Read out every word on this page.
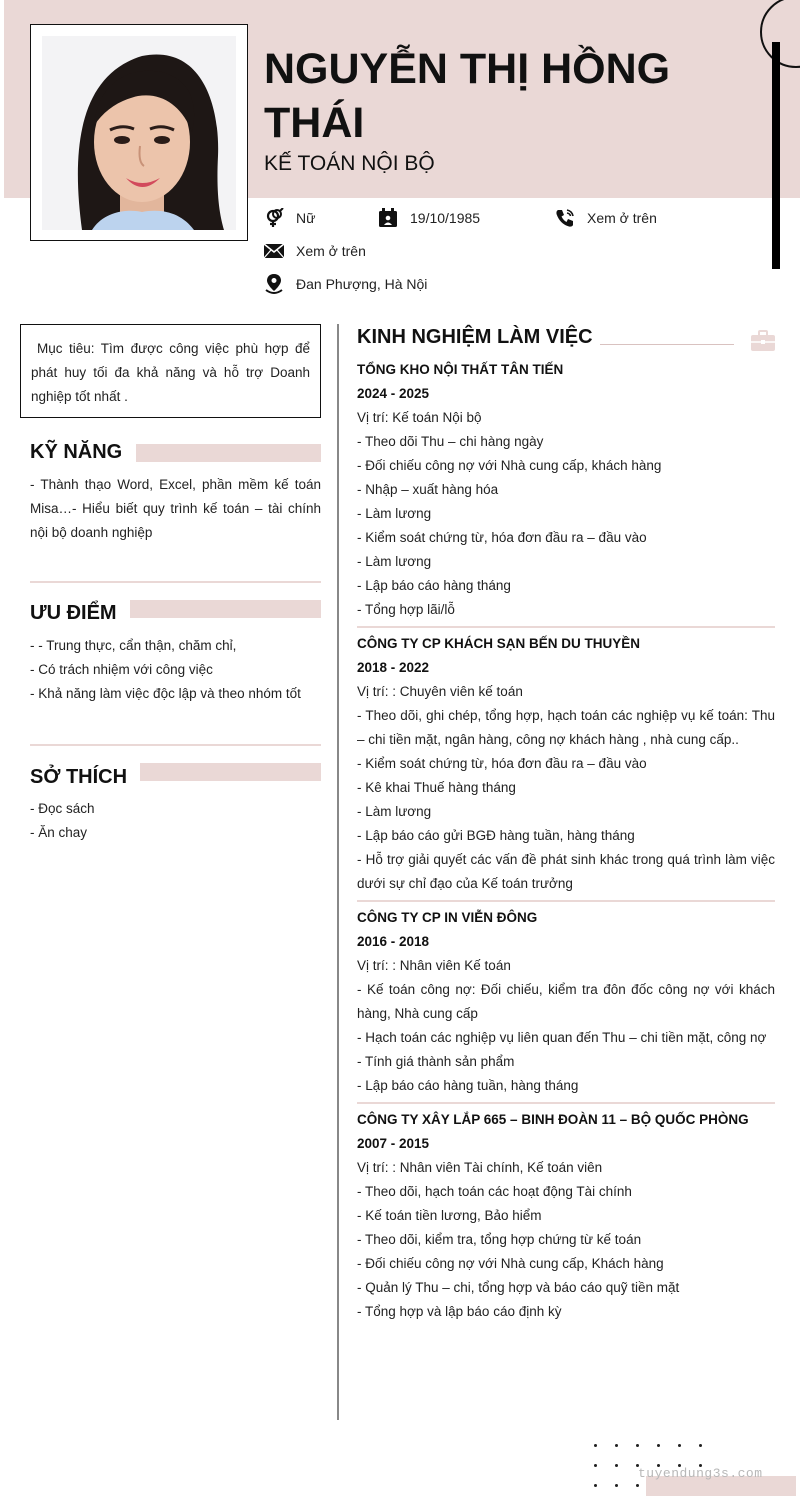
NGUYỄN THỊ HỒNG THÁI
KẾ TOÁN NỘI BỘ
Nữ	19/10/1985	Xem ở trên
Xem ở trên
Đan Phượng, Hà Nội
Mục tiêu: Tìm được công việc phù hợp để phát huy tối đa khả năng và hỗ trợ Doanh nghiệp tốt nhất .
KỸ NĂNG
- Thành thạo Word, Excel, phần mềm kế toán Misa…- Hiểu biết quy trình kế toán – tài chính nội bộ doanh nghiệp
ƯU ĐIỂM
- - Trung thực, cẩn thận, chăm chỉ,
- Có trách nhiệm với công việc
- Khả năng làm việc độc lập và theo nhóm tốt
SỞ THÍCH
- Đọc sách
- Ăn chay
KINH NGHIỆM LÀM VIỆC
TỔNG KHO NỘI THẤT TÂN TIẾN
2024 - 2025
Vị trí: Kế toán Nội bộ
- Theo dõi Thu – chi hàng ngày
- Đối chiếu công nợ với Nhà cung cấp, khách hàng
- Nhập – xuất hàng hóa
- Làm lương
- Kiểm soát chứng từ, hóa đơn đầu ra – đầu vào
- Làm lương
- Lập báo cáo hàng tháng
- Tổng hợp lãi/lỗ
CÔNG TY CP KHÁCH SẠN BẾN DU THUYỀN
2018 - 2022
Vị trí: : Chuyên viên kế toán
- Theo dõi, ghi chép, tổng hợp, hạch toán các nghiệp vụ kế toán: Thu – chi tiền mặt, ngân hàng, công nợ khách hàng , nhà cung cấp..
- Kiểm soát chứng từ, hóa đơn đầu ra – đầu vào
- Kê khai Thuế hàng tháng
- Làm lương
- Lập báo cáo gửi BGĐ hàng tuần, hàng tháng
- Hỗ trợ giải quyết các vấn đề phát sinh khác trong quá trình làm việc dưới sự chỉ đạo của Kế toán trưởng
CÔNG TY CP IN VIỄN ĐÔNG
2016 - 2018
Vị trí: : Nhân viên Kế toán
- Kế toán công nợ: Đối chiếu, kiểm tra đôn đốc công nợ với khách hàng, Nhà cung cấp
- Hạch toán các nghiệp vụ liên quan đến Thu – chi tiền mặt, công nợ
- Tính giá thành sản phẩm
- Lập báo cáo hàng tuần, hàng tháng
CÔNG TY XÂY LẮP 665 – BINH ĐOÀN 11 – BỘ QUỐC PHÒNG
2007 - 2015
Vị trí: : Nhân viên Tài chính, Kế toán viên
- Theo dõi, hạch toán các hoạt động Tài chính
- Kế toán tiền lương, Bảo hiểm
- Theo dõi, kiểm tra, tổng hợp chứng từ kế toán
- Đối chiếu công nợ với Nhà cung cấp, Khách hàng
- Quản lý Thu – chi, tổng hợp và báo cáo quỹ tiền mặt
- Tổng hợp và lập báo cáo định kỳ
tuyendung3s.com
